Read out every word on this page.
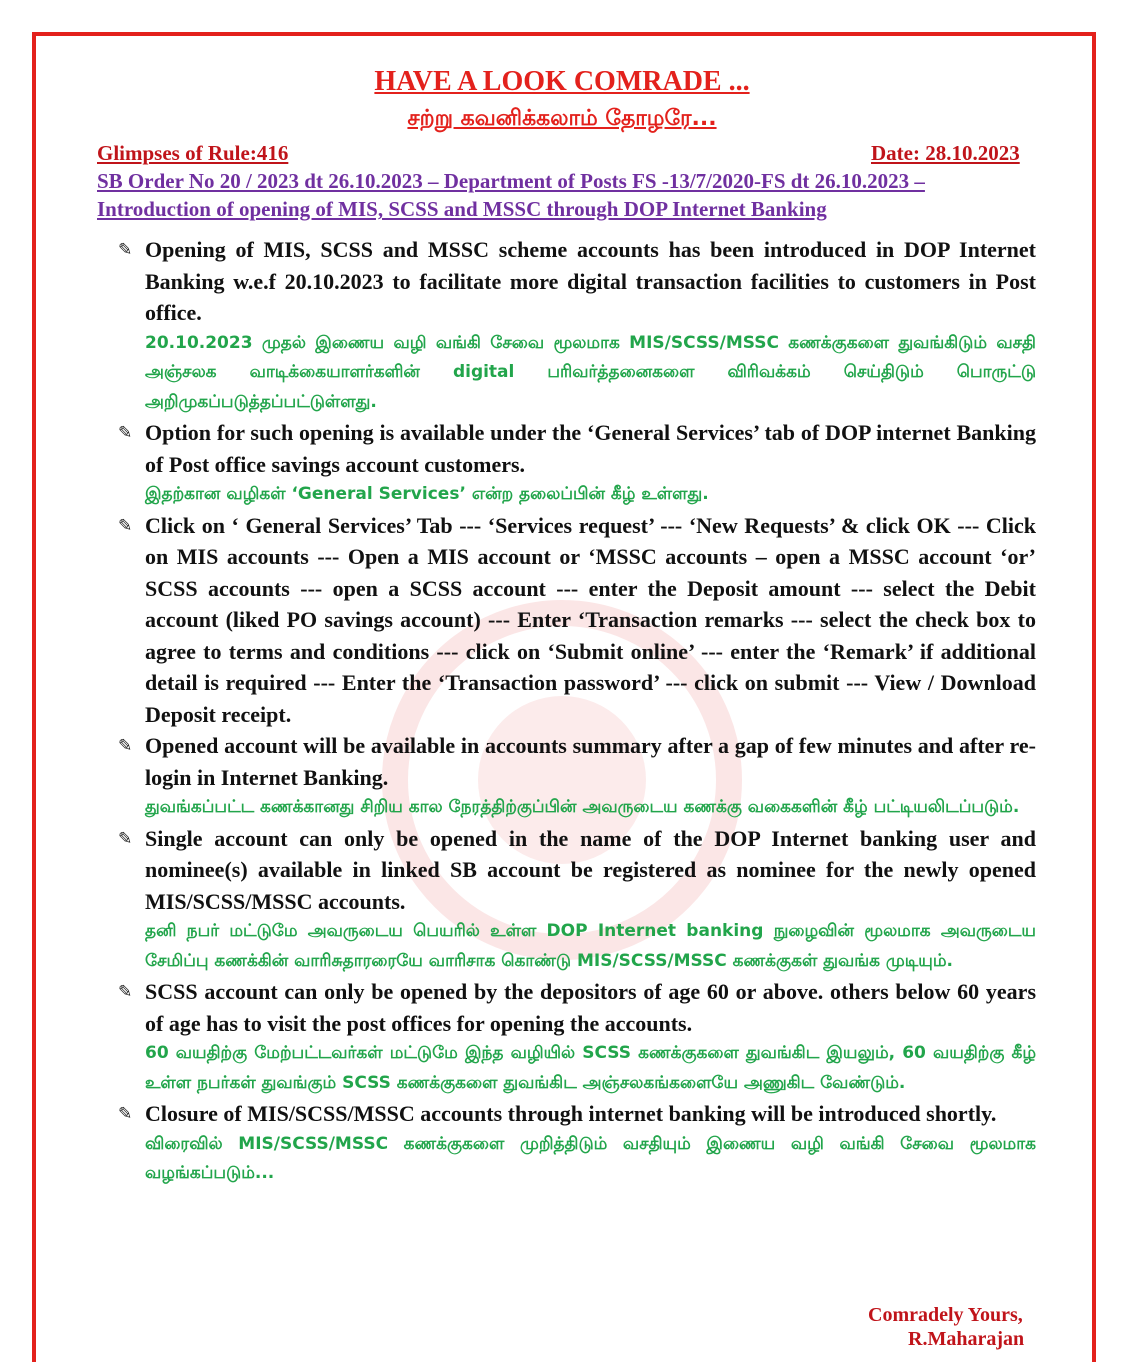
HAVE A LOOK COMRADE ...
சற்று கவனிக்கலாம் தோழரே...
Glimpses of Rule:416	Date: 28.10.2023
SB Order No 20 / 2023 dt 26.10.2023 – Department of Posts FS -13/7/2020-FS dt 26.10.2023 – Introduction of opening of MIS, SCSS and MSSC through DOP Internet Banking
✎ Opening of MIS, SCSS and MSSC scheme accounts has been introduced in DOP Internet Banking w.e.f 20.10.2023 to facilitate more digital transaction facilities to customers in Post office.
20.10.2023 முதல் இணைய வழி வங்கி சேவை மூலமாக MIS/SCSS/MSSC கணக்குகளை துவங்கிடும் வசதி அஞ்சலக வாடிக்கையாளர்களின் digital பரிவர்த்தனைகளை விரிவக்கம் செய்திடும் பொருட்டு அறிமுகப்படுத்தப்பட்டுள்ளது.
✎ Option for such opening is available under the ‘General Services’ tab of DOP internet Banking of Post office savings account customers.
இதற்கான வழிகள் ‘General Services’ என்ற தலைப்பின் கீழ் உள்ளது.
✎ Click on ‘ General Services’ Tab --- ‘Services request’ --- ‘New Requests’ & click OK --- Click on MIS accounts --- Open a MIS account or ‘MSSC accounts – open a MSSC account ‘or’ SCSS accounts --- open a SCSS account --- enter the Deposit amount --- select the Debit account (liked PO savings account) --- Enter ‘Transaction remarks --- select the check box to agree to terms and conditions --- click on ‘Submit online’ --- enter the ‘Remark’ if additional detail is required --- Enter the ‘Transaction password’ --- click on submit --- View / Download Deposit receipt.
✎ Opened account will be available in accounts summary after a gap of few minutes and after re-login in Internet Banking.
துவங்கப்பட்ட கணக்கானது சிறிய கால நேரத்திற்குப்பின் அவருடைய கணக்கு வகைகளின் கீழ் பட்டியலிடப்படும்.
✎ Single account can only be opened in the name of the DOP Internet banking user and nominee(s) available in linked SB account be registered as nominee for the newly opened MIS/SCSS/MSSC accounts.
தனி நபர் மட்டுமே அவருடைய பெயரில் உள்ள DOP Internet banking நுழைவின் மூலமாக அவருடைய சேமிப்பு கணக்கின் வாரிசுதாரரையே வாரிசாக கொண்டு MIS/SCSS/MSSC கணக்குகள் துவங்க முடியும்.
✎ SCSS account can only be opened by the depositors of age 60 or above. others below 60 years of age has to visit the post offices for opening the accounts.
60 வயதிற்கு மேற்பட்டவர்கள் மட்டுமே இந்த வழியில் SCSS கணக்குகளை துவங்கிட இயலும், 60 வயதிற்கு கீழ் உள்ள நபர்கள் துவங்கும் SCSS கணக்குகளை துவங்கிட அஞ்சலகங்களையே அணுகிட வேண்டும்.
✎ Closure of MIS/SCSS/MSSC accounts through internet banking will be introduced shortly.
விரைவில் MIS/SCSS/MSSC கணக்குகளை முறித்திடும் வசதியும் இணைய வழி வங்கி சேவை மூலமாக வழங்கப்படும்...
Comradely Yours,
R.Maharajan
